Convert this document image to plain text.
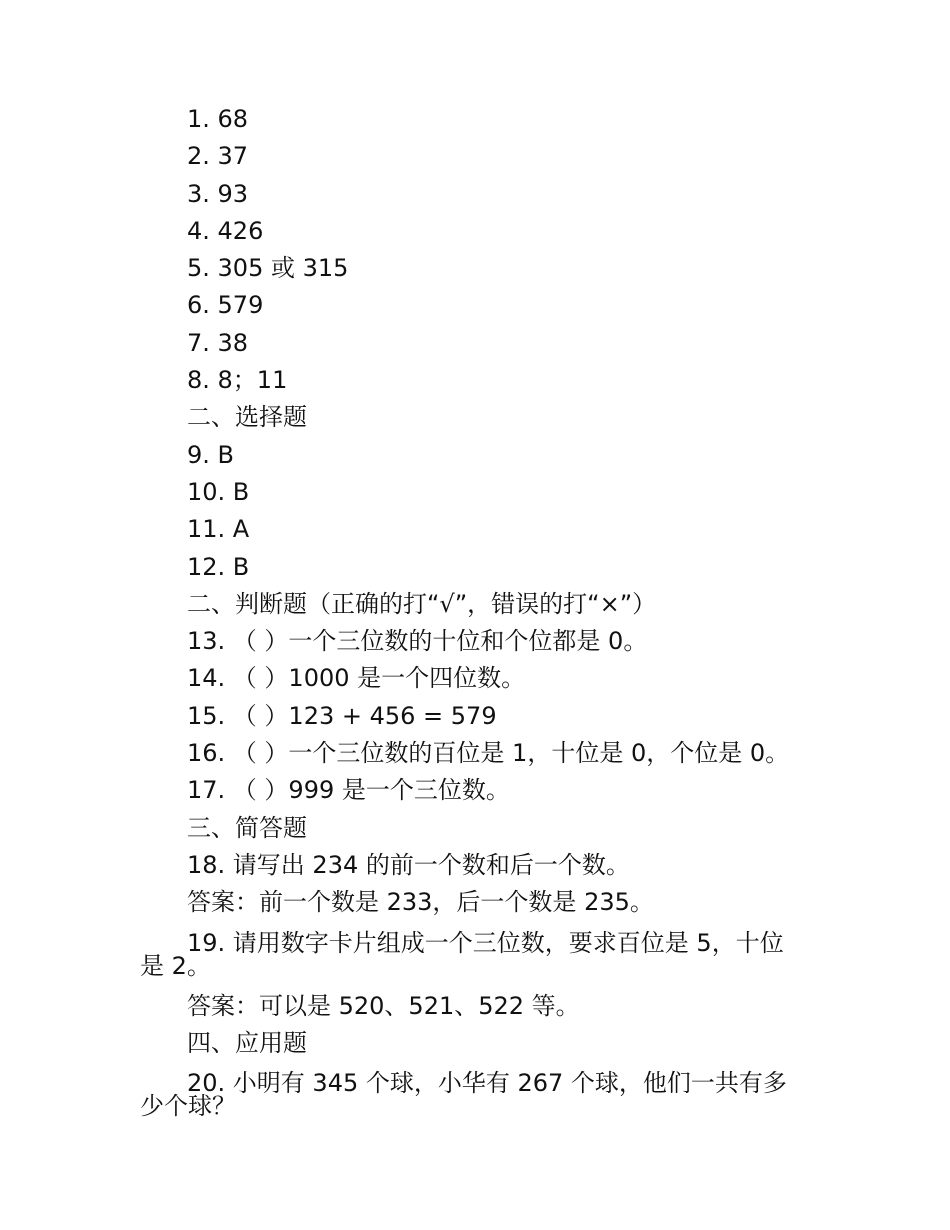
1. 68
2. 37
3. 93
4. 426
5. 305 或 315
6. 579
7. 38
8. 8；11
二、选择题
9. B
10. B
11. A
12. B
二、判断题（正确的打“√”，错误的打“×”）
13. （ ）一个三位数的十位和个位都是 0。
14. （ ）1000 是一个四位数。
15. （ ）123 + 456 = 579
16. （ ）一个三位数的百位是 1，十位是 0，个位是 0。
17. （ ）999 是一个三位数。
三、简答题
18. 请写出 234 的前一个数和后一个数。
答案：前一个数是 233，后一个数是 235。
19. 请用数字卡片组成一个三位数，要求百位是 5，十位是 2。
答案：可以是 520、521、522 等。
四、应用题
20. 小明有 345 个球，小华有 267 个球，他们一共有多少个球？
